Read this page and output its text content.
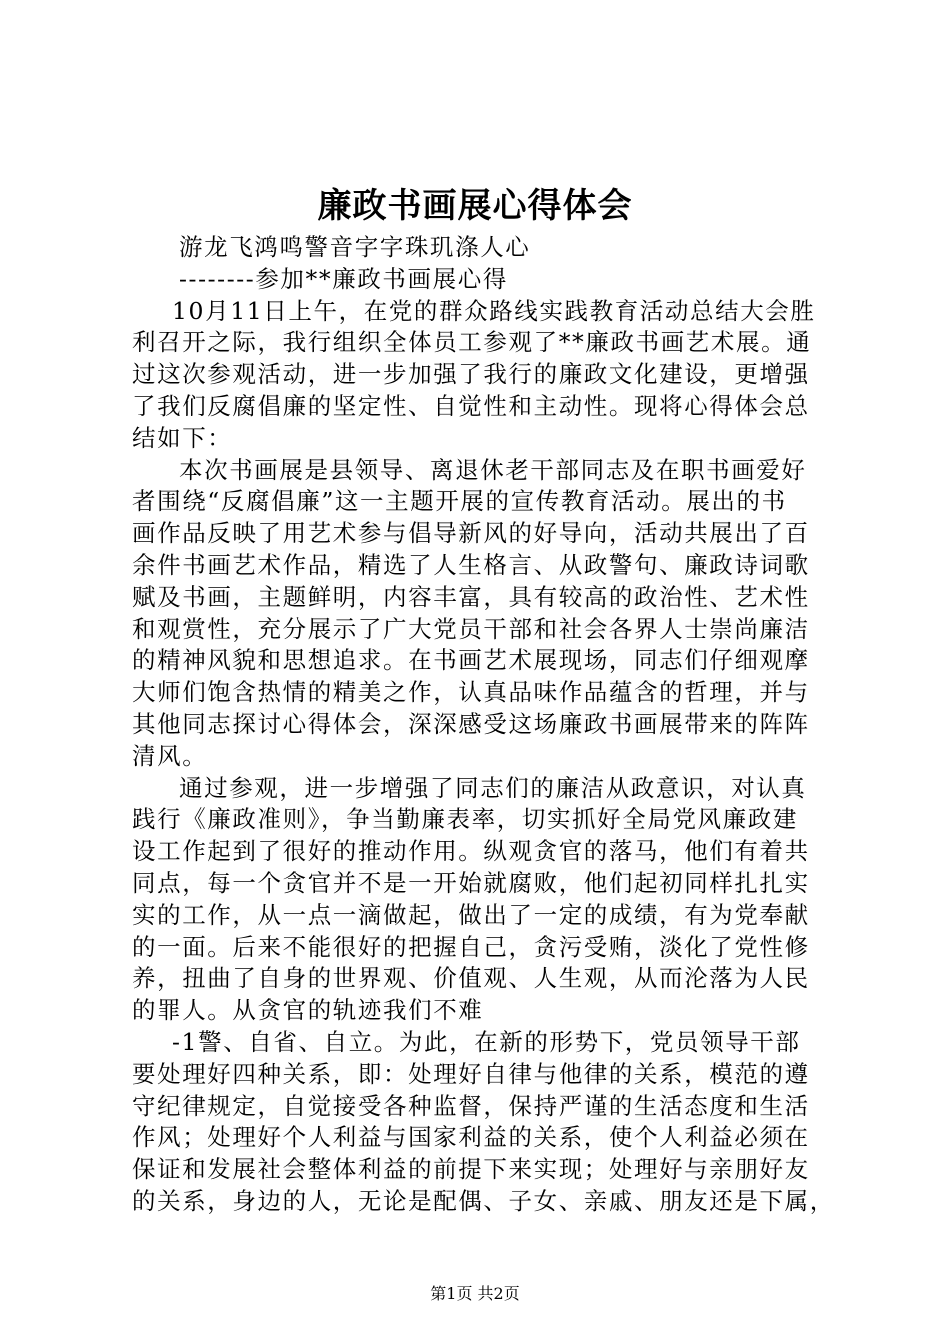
廉政书画展心得体会
游龙飞鸿鸣警音字字珠玑涤人心
--------参加**廉政书画展心得
10月11日上午，在党的群众路线实践教育活动总结大会胜
利召开之际，我行组织全体员工参观了**廉政书画艺术展。通
过这次参观活动，进一步加强了我行的廉政文化建设，更增强
了我们反腐倡廉的坚定性、自觉性和主动性。现将心得体会总
结如下：
本次书画展是县领导、离退休老干部同志及在职书画爱好
者围绕“反腐倡廉”这一主题开展的宣传教育活动。展出的书
画作品反映了用艺术参与倡导新风的好导向，活动共展出了百
余件书画艺术作品，精选了人生格言、从政警句、廉政诗词歌
赋及书画，主题鲜明，内容丰富，具有较高的政治性、艺术性
和观赏性，充分展示了广大党员干部和社会各界人士崇尚廉洁
的精神风貌和思想追求。在书画艺术展现场，同志们仔细观摩
大师们饱含热情的精美之作，认真品味作品蕴含的哲理，并与
其他同志探讨心得体会，深深感受这场廉政书画展带来的阵阵
清风。
通过参观，进一步增强了同志们的廉洁从政意识，对认真
践行《廉政准则》，争当勤廉表率，切实抓好全局党风廉政建
设工作起到了很好的推动作用。纵观贪官的落马，他们有着共
同点，每一个贪官并不是一开始就腐败，他们起初同样扎扎实
实的工作，从一点一滴做起，做出了一定的成绩，有为党奉献
的一面。后来不能很好的把握自己，贪污受贿，淡化了党性修
养，扭曲了自身的世界观、价值观、人生观，从而沦落为人民
的罪人。从贪官的轨迹我们不难
-1警、自省、自立。为此，在新的形势下，党员领导干部
要处理好四种关系，即：处理好自律与他律的关系，模范的遵
守纪律规定，自觉接受各种监督，保持严谨的生活态度和生活
作风；处理好个人利益与国家利益的关系，使个人利益必须在
保证和发展社会整体利益的前提下来实现；处理好与亲朋好友
的关系，身边的人，无论是配偶、子女、亲戚、朋友还是下属，
第1页 共2页
